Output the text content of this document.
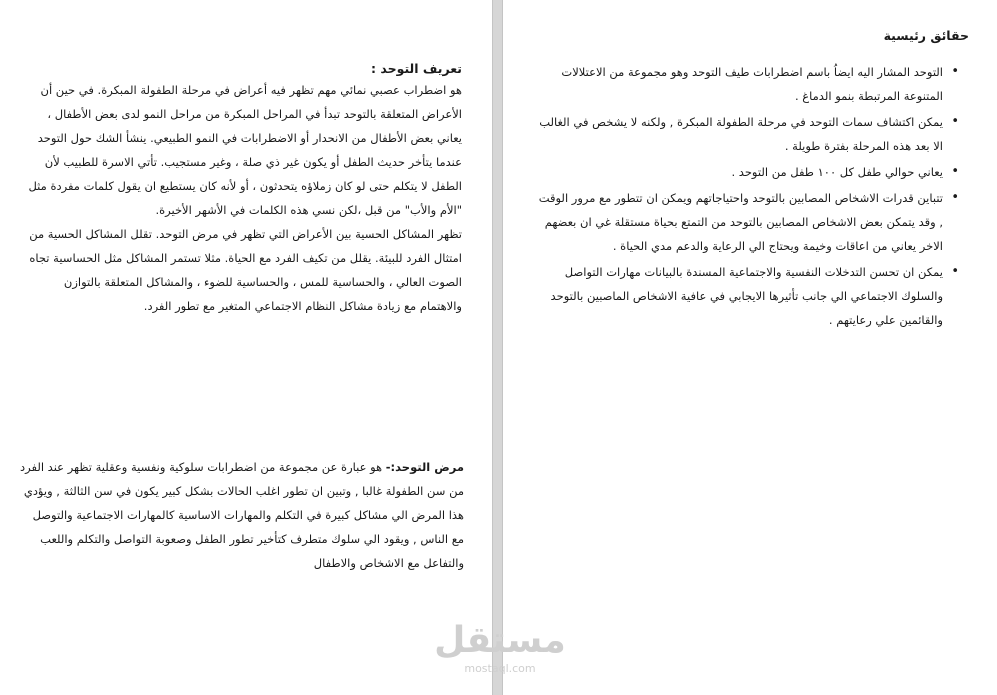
تعريف التوحد :

هو اضطراب عصبي نمائي مهم تظهر فيه أعراض في مرحلة الطفولة المبكرة. في حين أن الأعراض المتعلقة بالتوحد تبدأ في المراحل المبكرة من مراحل النمو لدى بعض الأطفال ، يعاني بعض الأطفال من الانحدار أو الاضطرابات في النمو الطبيعي. ينشأ الشك حول التوحد عندما يتأخر حديث الطفل أو يكون غير ذي صلة ، وغير مستجيب. تأتي الاسرة للطبيب لأن الطفل لا يتكلم حتى لو كان زملاؤه يتحدثون ، أو لأنه كان يستطيع ان يقول كلمات مفردة مثل "الأم والأب" من قبل ،لكن نسي هذه الكلمات في الأشهر الأخيرة.

تظهر المشاكل الحسية بين الأعراض التي تظهر في مرض التوحد. تقلل المشاكل الحسية من امتثال الفرد للبيئة. يقلل من تكيف الفرد مع الحياة. مثلا تستمر المشاكل مثل الحساسية تجاه الصوت العالي ، والحساسية للمس ، والحساسية للضوء ، والمشاكل المتعلقة بالتوازن والاهتمام مع زيادة مشاكل النظام الاجتماعي المتغير مع تطور الفرد.

مرض التوحد:- هو عبارة عن مجموعة من اضطرابات سلوكية ونفسية وعقلية تظهر عند الفرد من سن الطفولة غالبا , وتبين ان تطور اغلب الحالات بشكل كبير يكون في سن الثالثة , ويؤدي هذا المرض الي مشاكل كبيرة في التكلم والمهارات الاساسية كالمهارات الاجتماعية والتوصل مع الناس , ويقود الي سلوك متطرف كتأخير تطور الطفل وصعوبة التواصل والتكلم واللعب والتفاعل مع الاشخاص والاطفال

حقائق رئيسية
• التوحد المشار اليه ايضاُ باسم اضطرابات طيف التوحد وهو مجموعة من الاعتلالات المتنوعة المرتبطة بنمو الدماغ .
• يمكن اكتشاف سمات التوحد في مرحلة الطفولة المبكرة , ولكنه لا يشخص في الغالب الا بعد هذه المرحلة بفترة طويلة .
• يعاني حوالي طفل كل ١٠٠ طفل من التوحد .
• تتباين قدرات الاشخاص المصابين بالتوحد واحتياجاتهم ويمكن ان تتطور مع مرور الوقت , وقد يتمكن بعض الاشخاص المصابين بالتوحد من التمتع بحياة مستقلة غي ان بعضهم الاخر يعاني من اعاقات وخيمة ويحتاج الي الرعاية والدعم مدي الحياة .
• يمكن ان تحسن التدخلات النفسية والاجتماعية المسندة بالبيانات مهارات التواصل والسلوك الاجتماعي الي جانب تأثيرها الايجابي في عافية الاشخاص الماصبين بالتوحد والقائمين علي رعايتهم .
مستقل
mostaql.com
